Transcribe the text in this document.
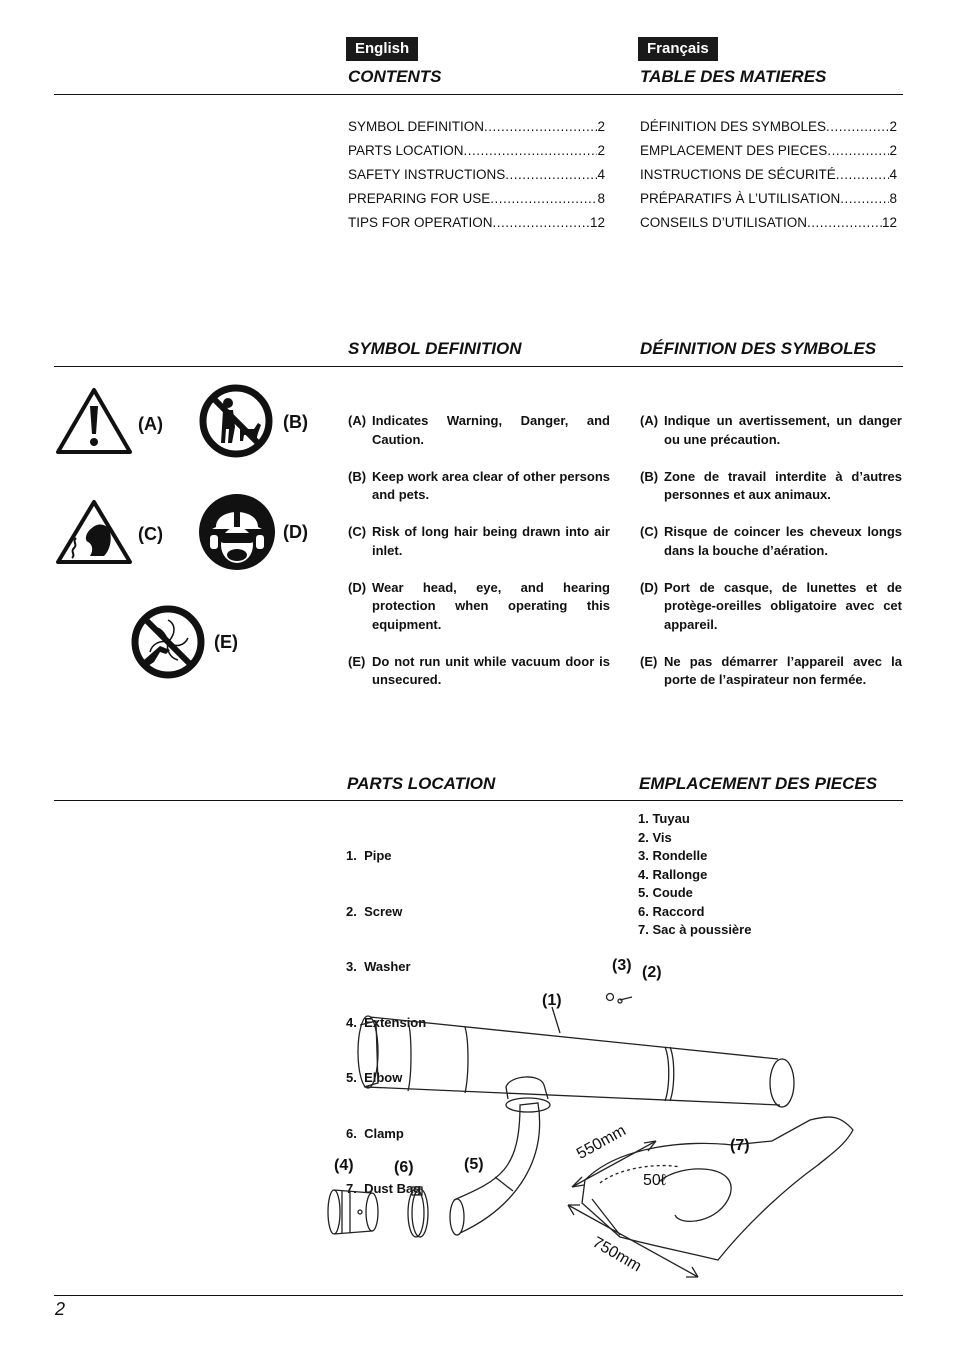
English	Français
CONTENTS	TABLE DES MATIERES
SYMBOL DEFINITION .....	2
PARTS LOCATION .....	2
SAFETY INSTRUCTIONS .....	4
PREPARING FOR USE .....	8
TIPS FOR OPERATION .....	12
DÉFINITION DES SYMBOLES .....	2
EMPLACEMENT DES PIECES .....	2
INSTRUCTIONS DE SÉCURITÉ .....	4
PRÉPARATIFS À L’UTILISATION .....	8
CONSEILS D’UTILISATION .....	12
SYMBOL DEFINITION	DÉFINITION DES SYMBOLES
(A)	(B)
(C)	(D)
(E)
(A) Indicates Warning, Danger, and Caution.
(B) Keep work area clear of other persons and pets.
(C) Risk of long hair being drawn into air inlet.
(D) Wear head, eye, and hearing protection when operating this equipment.
(E) Do not run unit while vacuum door is unsecured.
(A) Indique un avertissement, un danger ou une précaution.
(B) Zone de travail interdite à d’autres personnes et aux animaux.
(C) Risque de coincer les cheveux longs dans la bouche d’aération.
(D) Port de casque, de lunettes et de protège-oreilles obligatoire avec cet appareil.
(E) Ne pas démarrer l’appareil avec la porte de l’aspirateur non fermée.
PARTS LOCATION	EMPLACEMENT DES PIECES

1.  Pipe

2.  Screw

3.  Washer

4.  Extension

5.  Elbow

6.  Clamp

7.  Dust Bag

1. Tuyau
2. Vis
3. Rondelle
4. Rallonge
5. Coude
6. Raccord
7. Sac à poussière
(1)
(2)
(3)
(4)	(5)
(6)
(7)
550mm
750mm
50ℓ
2
